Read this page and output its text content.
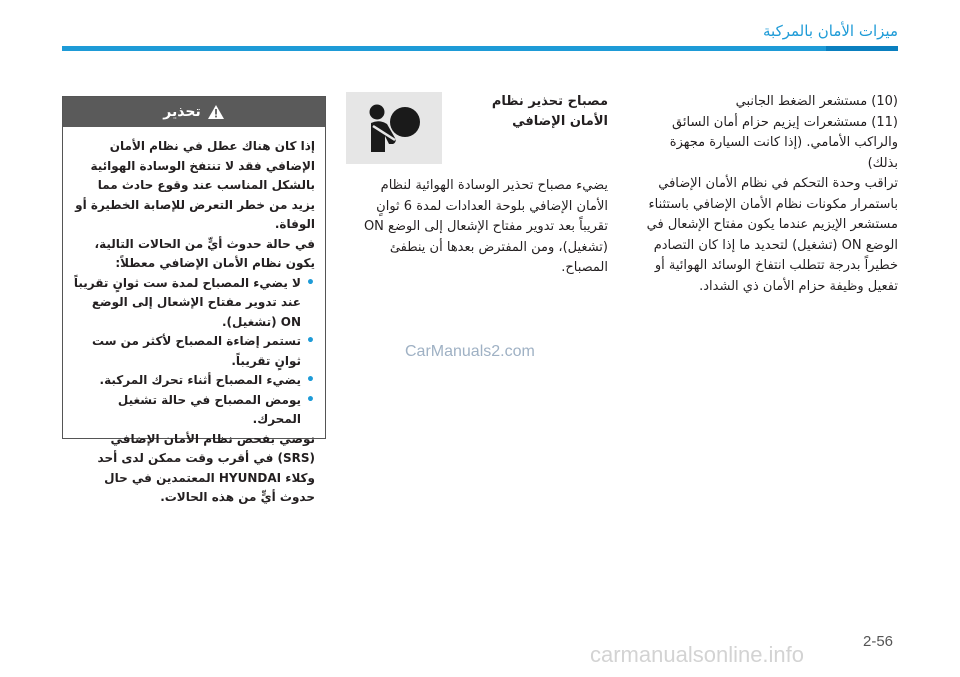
ميزات الأمان بالمركبة

(10) مستشعر الضغط الجانبي

(11) مستشعرات إيزيم حزام أمان السائق والراكب الأمامي. (إذا كانت السيارة مجهزة بذلك)

تراقب وحدة التحكم في نظام الأمان الإضافي باستمرار مكونات نظام الأمان الإضافي باستثناء مستشعر الإيزيم عندما يكون مفتاح الإشعال في الوضع ON (تشغيل) لتحديد ما إذا كان التصادم خطيراً بدرجة تتطلب انتفاخ الوسائد الهوائية أو تفعيل وظيفة حزام الأمان ذي الشداد.

مصباح تحذير نظام الأمان الإضافي

يضيء مصباح تحذير الوسادة الهوائية لنظام الأمان الإضافي بلوحة العدادات لمدة 6 ثوانٍ تقريباً بعد تدوير مفتاح الإشعال إلى الوضع ON (تشغيل)، ومن المفترض بعدها أن ينطفئ المصباح.

تحذير

إذا كان هناك عطل في نظام الأمان الإضافي فقد لا تنتفخ الوسادة الهوائية بالشكل المناسب عند وقوع حادث مما يزيد من خطر التعرض للإصابة الخطيرة أو الوفاة.

في حالة حدوث أيٍّ من الحالات التالية، يكون نظام الأمان الإضافي معطلاً:

• لا يضيء المصباح لمدة ست ثوانٍ تقريباً عند تدوير مفتاح الإشعال إلى الوضع ON (تشغيل).
• تستمر إضاءة المصباح لأكثر من ست ثوانٍ تقريباً.
• يضيء المصباح أثناء تحرك المركبة.
• يومض المصباح في حالة تشغيل المحرك.

نوصي بفحص نظام الأمان الإضافي (SRS) في أقرب وقت ممكن لدى أحد وكلاء HYUNDAI المعتمدين في حال حدوث أيٍّ من هذه الحالات.

CarManuals2.com
2-56
carmanualsonline.info
